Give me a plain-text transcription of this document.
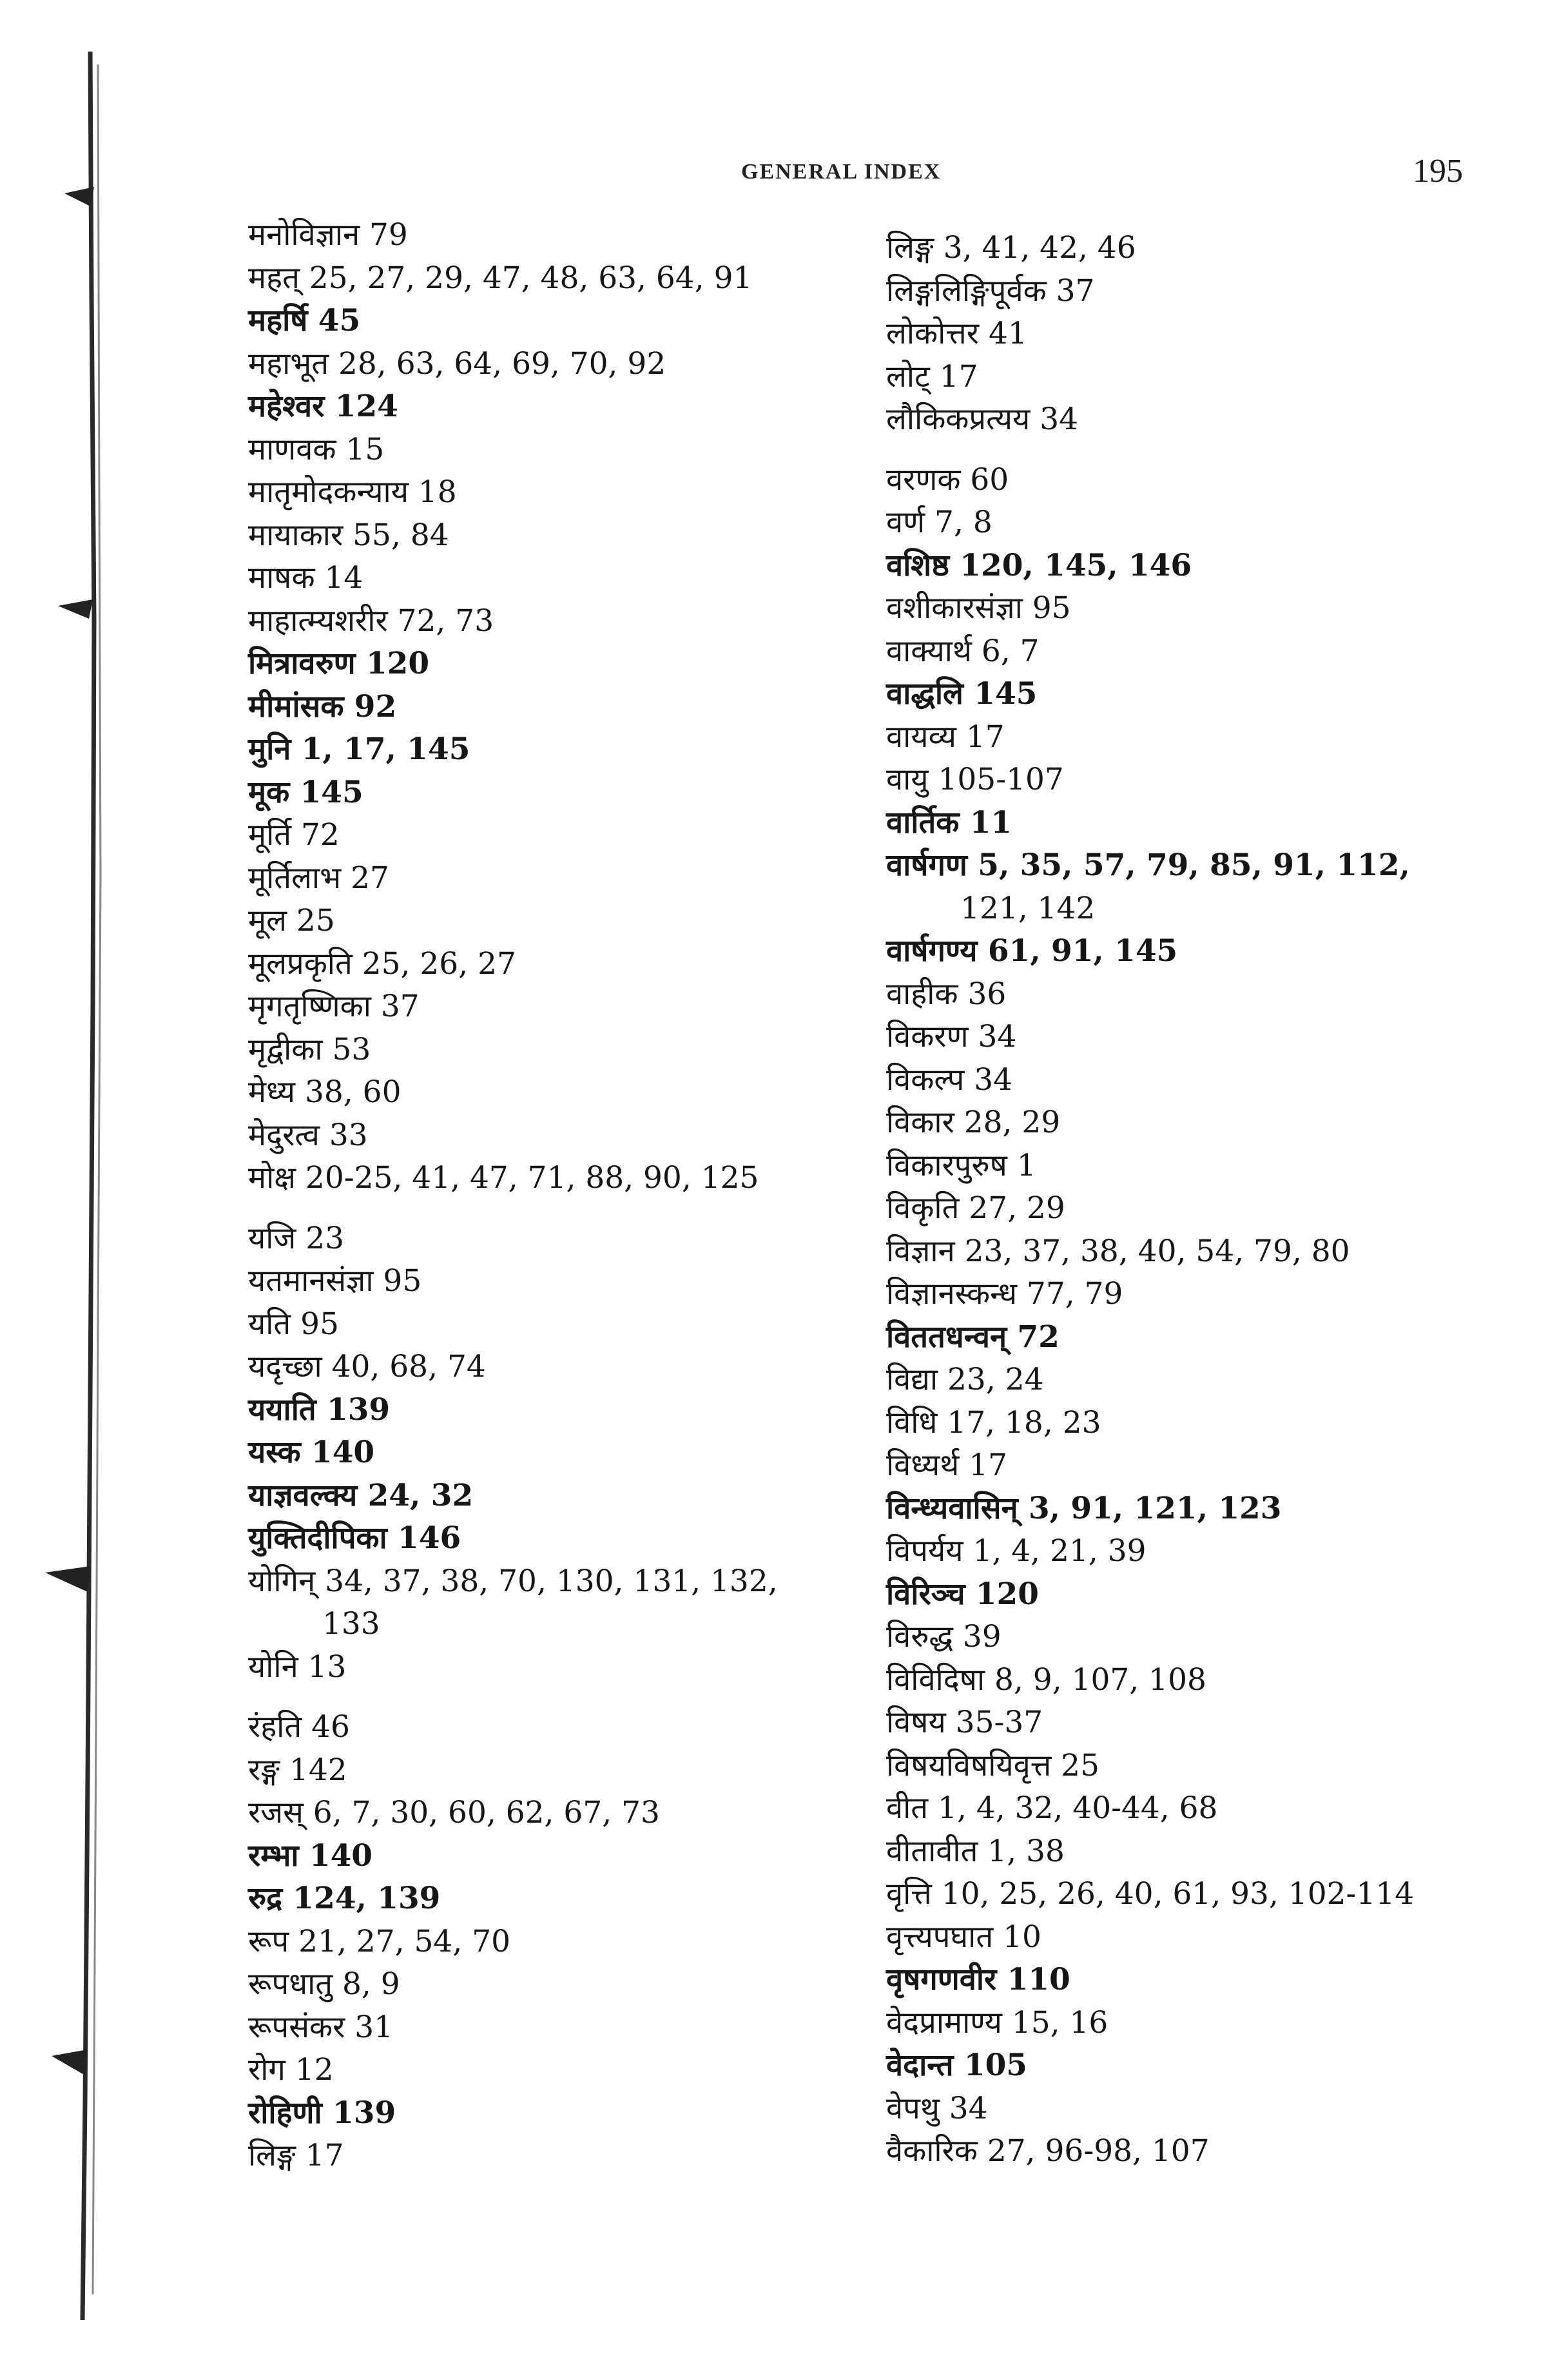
GENERAL INDEX	195
मनोविज्ञान 79
महत् 25, 27, 29, 47, 48, 63, 64, 91
महर्षि 45
महाभूत 28, 63, 64, 69, 70, 92
महेश्वर 124
माणवक 15
मातृमोदकन्याय 18
मायाकार 55, 84
माषक 14
माहात्म्यशरीर 72, 73
मित्रावरुण 120
मीमांसक 92
मुनि 1, 17, 145
मूक 145
मूर्ति 72
मूर्तिलाभ 27
मूल 25
मूलप्रकृति 25, 26, 27
मृगतृष्णिका 37
मृद्वीका 53
मेध्य 38, 60
मेदुरत्व 33
मोक्ष 20-25, 41, 47, 71, 88, 90, 125
यजि 23
यतमानसंज्ञा 95
यति 95
यदृच्छा 40, 68, 74
ययाति 139
यस्क 140
याज्ञवल्क्य 24, 32
युक्तिदीपिका 146
योगिन् 34, 37, 38, 70, 130, 131, 132,
133
योनि 13
रंहति 46
रङ्ग 142
रजस् 6, 7, 30, 60, 62, 67, 73
रम्भा 140
रुद्र 124, 139
रूप 21, 27, 54, 70
रूपधातु 8, 9
रूपसंकर 31
रोग 12
रोहिणी 139
लिङ्ग 17
लिङ्ग 3, 41, 42, 46
लिङ्गलिङ्गिपूर्वक 37
लोकोत्तर 41
लोट् 17
लौकिकप्रत्यय 34
वरणक 60
वर्ण 7, 8
वशिष्ठ 120, 145, 146
वशीकारसंज्ञा 95
वाक्यार्थ 6, 7
वाद्धलि 145
वायव्य 17
वायु 105-107
वार्तिक 11
वार्षगण 5, 35, 57, 79, 85, 91, 112,
121, 142
वार्षगण्य 61, 91, 145
वाहीक 36
विकरण 34
विकल्प 34
विकार 28, 29
विकारपुरुष 1
विकृति 27, 29
विज्ञान 23, 37, 38, 40, 54, 79, 80
विज्ञानस्कन्ध 77, 79
विततधन्वन् 72
विद्या 23, 24
विधि 17, 18, 23
विध्यर्थ 17
विन्ध्यवासिन् 3, 91, 121, 123
विपर्यय 1, 4, 21, 39
विरिञ्च 120
विरुद्ध 39
विविदिषा 8, 9, 107, 108
विषय 35-37
विषयविषयिवृत्त 25
वीत 1, 4, 32, 40-44, 68
वीतावीत 1, 38
वृत्ति 10, 25, 26, 40, 61, 93, 102-114
वृत्त्यपघात 10
वृषगणवीर 110
वेदप्रामाण्य 15, 16
वेदान्त 105
वेपथु 34
वैकारिक 27, 96-98, 107
